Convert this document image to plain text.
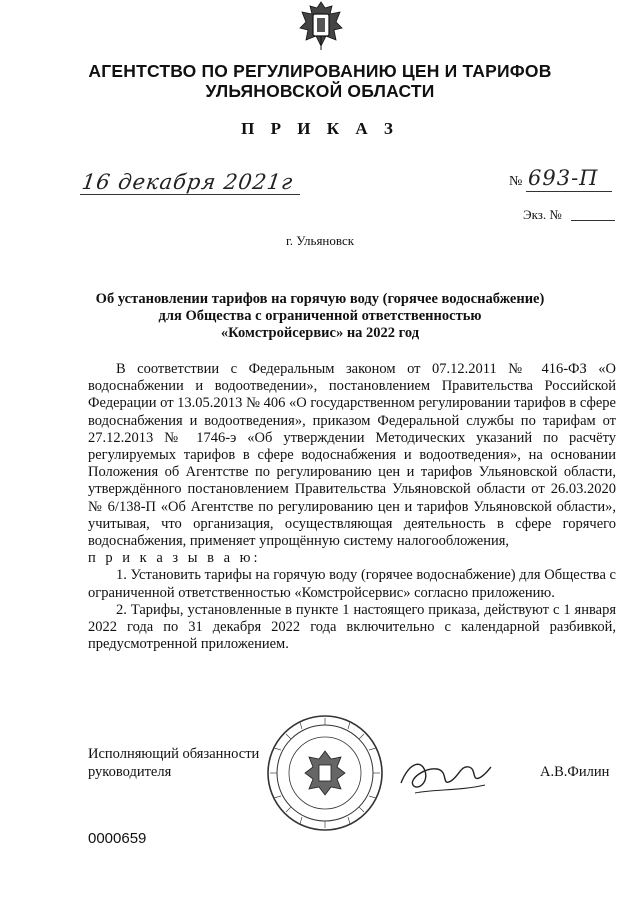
АГЕНТСТВО ПО РЕГУЛИРОВАНИЮ ЦЕН И ТАРИФОВ
УЛЬЯНОВСКОЙ ОБЛАСТИ
П Р И К А З
16 декабря 2021г	№ 693-П
Экз. №
г. Ульяновск
Об установлении тарифов на горячую воду (горячее водоснабжение)
для Общества с ограниченной ответственностью
«Комстройсервис» на 2022 год

В соответствии с Федеральным законом от 07.12.2011 № 416-ФЗ «О водоснабжении и водоотведении», постановлением Правительства Российской Федерации от 13.05.2013 № 406 «О государственном регулировании тарифов в сфере водоснабжения и водоотведения», приказом Федеральной службы по тарифам от 27.12.2013 № 1746-э «Об утверждении Методических указаний по расчёту регулируемых тарифов в сфере водоснабжения и водоотведения», на основании Положения об Агентстве по регулированию цен и тарифов Ульяновской области, утверждённого постановлением Правительства Ульяновской области от 26.03.2020 № 6/138-П «Об Агентстве по регулированию цен и тарифов Ульяновской области», учитывая, что организация, осуществляющая деятельность в сфере горячего водоснабжения, применяет упрощённую систему налогообложения,

п р и к а з ы в а ю:

1. Установить тарифы на горячую воду (горячее водоснабжение) для Общества с ограниченной ответственностью «Комстройсервис» согласно приложению.

2. Тарифы, установленные в пункте 1 настоящего приказа, действуют с 1 января 2022 года по 31 декабря 2022 года включительно с календарной разбивкой, предусмотренной приложением.

Исполняющий обязанности
руководителя	А.В.Филин
0000659
